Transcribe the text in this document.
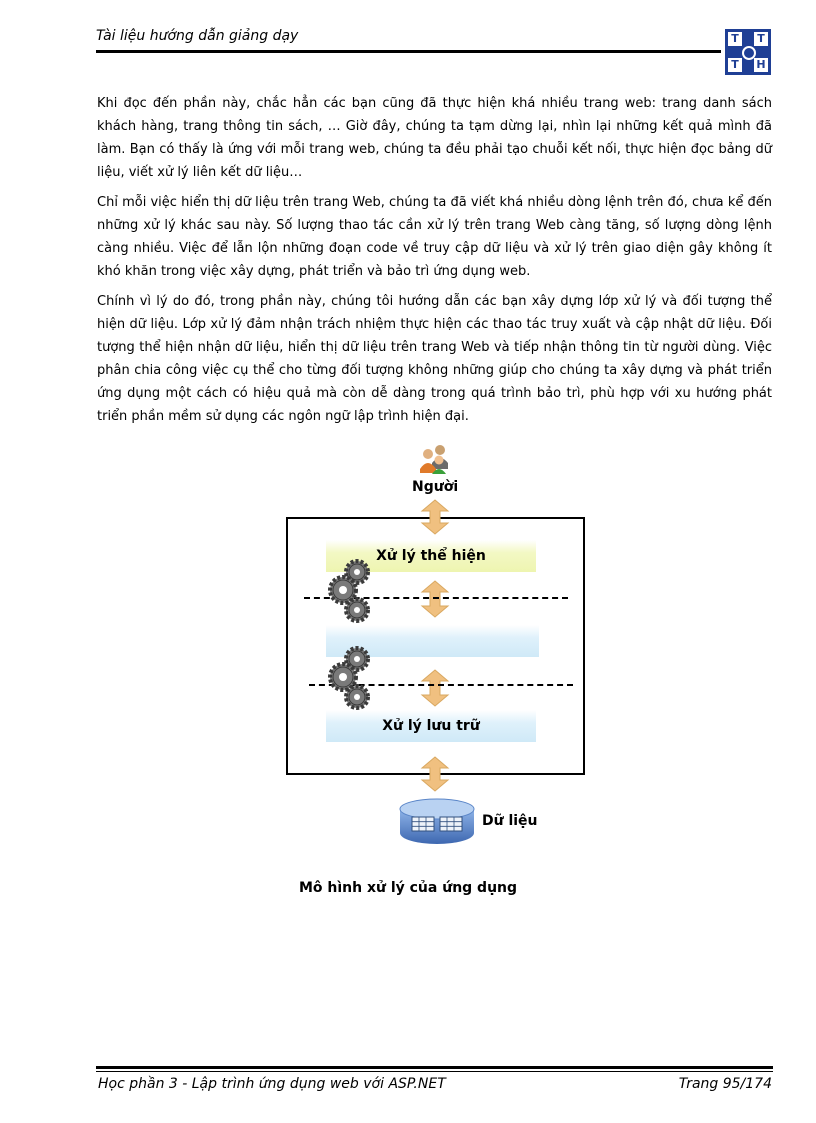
Tài liệu hướng dẫn giảng dạy	T T
T H

Khi đọc đến phần này, chắc hẳn các bạn cũng đã thực hiện khá nhiều trang web: trang danh sách khách hàng, trang thông tin sách, … Giờ đây, chúng ta tạm dừng lại, nhìn lại những kết quả mình đã làm. Bạn có thấy là ứng với mỗi trang web, chúng ta đều phải tạo chuỗi kết nối, thực hiện đọc bảng dữ liệu, viết xử lý liên kết dữ liệu…

Chỉ mỗi việc hiển thị dữ liệu trên trang Web, chúng ta đã viết khá nhiều dòng lệnh trên đó, chưa kể đến những xử lý khác sau này. Số lượng thao tác cần xử lý trên trang Web càng tăng, số lượng dòng lệnh càng nhiều. Việc để lẫn lộn những đoạn code về truy cập dữ liệu và xử lý trên giao diện gây không ít khó khăn trong việc xây dựng, phát triển và bảo trì ứng dụng web.

Chính vì lý do đó, trong phần này, chúng tôi hướng dẫn các bạn xây dựng lớp xử lý và đối tượng thể hiện dữ liệu. Lớp xử lý đảm nhận trách nhiệm thực hiện các thao tác truy xuất và cập nhật dữ liệu. Đối tượng thể hiện nhận dữ liệu, hiển thị dữ liệu trên trang Web và tiếp nhận thông tin từ người dùng. Việc phân chia công việc cụ thể cho từng đối tượng không những giúp cho chúng ta xây dựng và phát triển ứng dụng một cách có hiệu quả mà còn dễ dàng trong quá trình bảo trì, phù hợp với xu hướng phát triển phần mềm sử dụng các ngôn ngữ lập trình hiện đại.

Người
Xử lý thể hiện
Xử lý lưu trữ
Dữ liệu
Mô hình xử lý của ứng dụng
Học phần 3 - Lập trình ứng dụng web với ASP.NET	Trang 95/174
